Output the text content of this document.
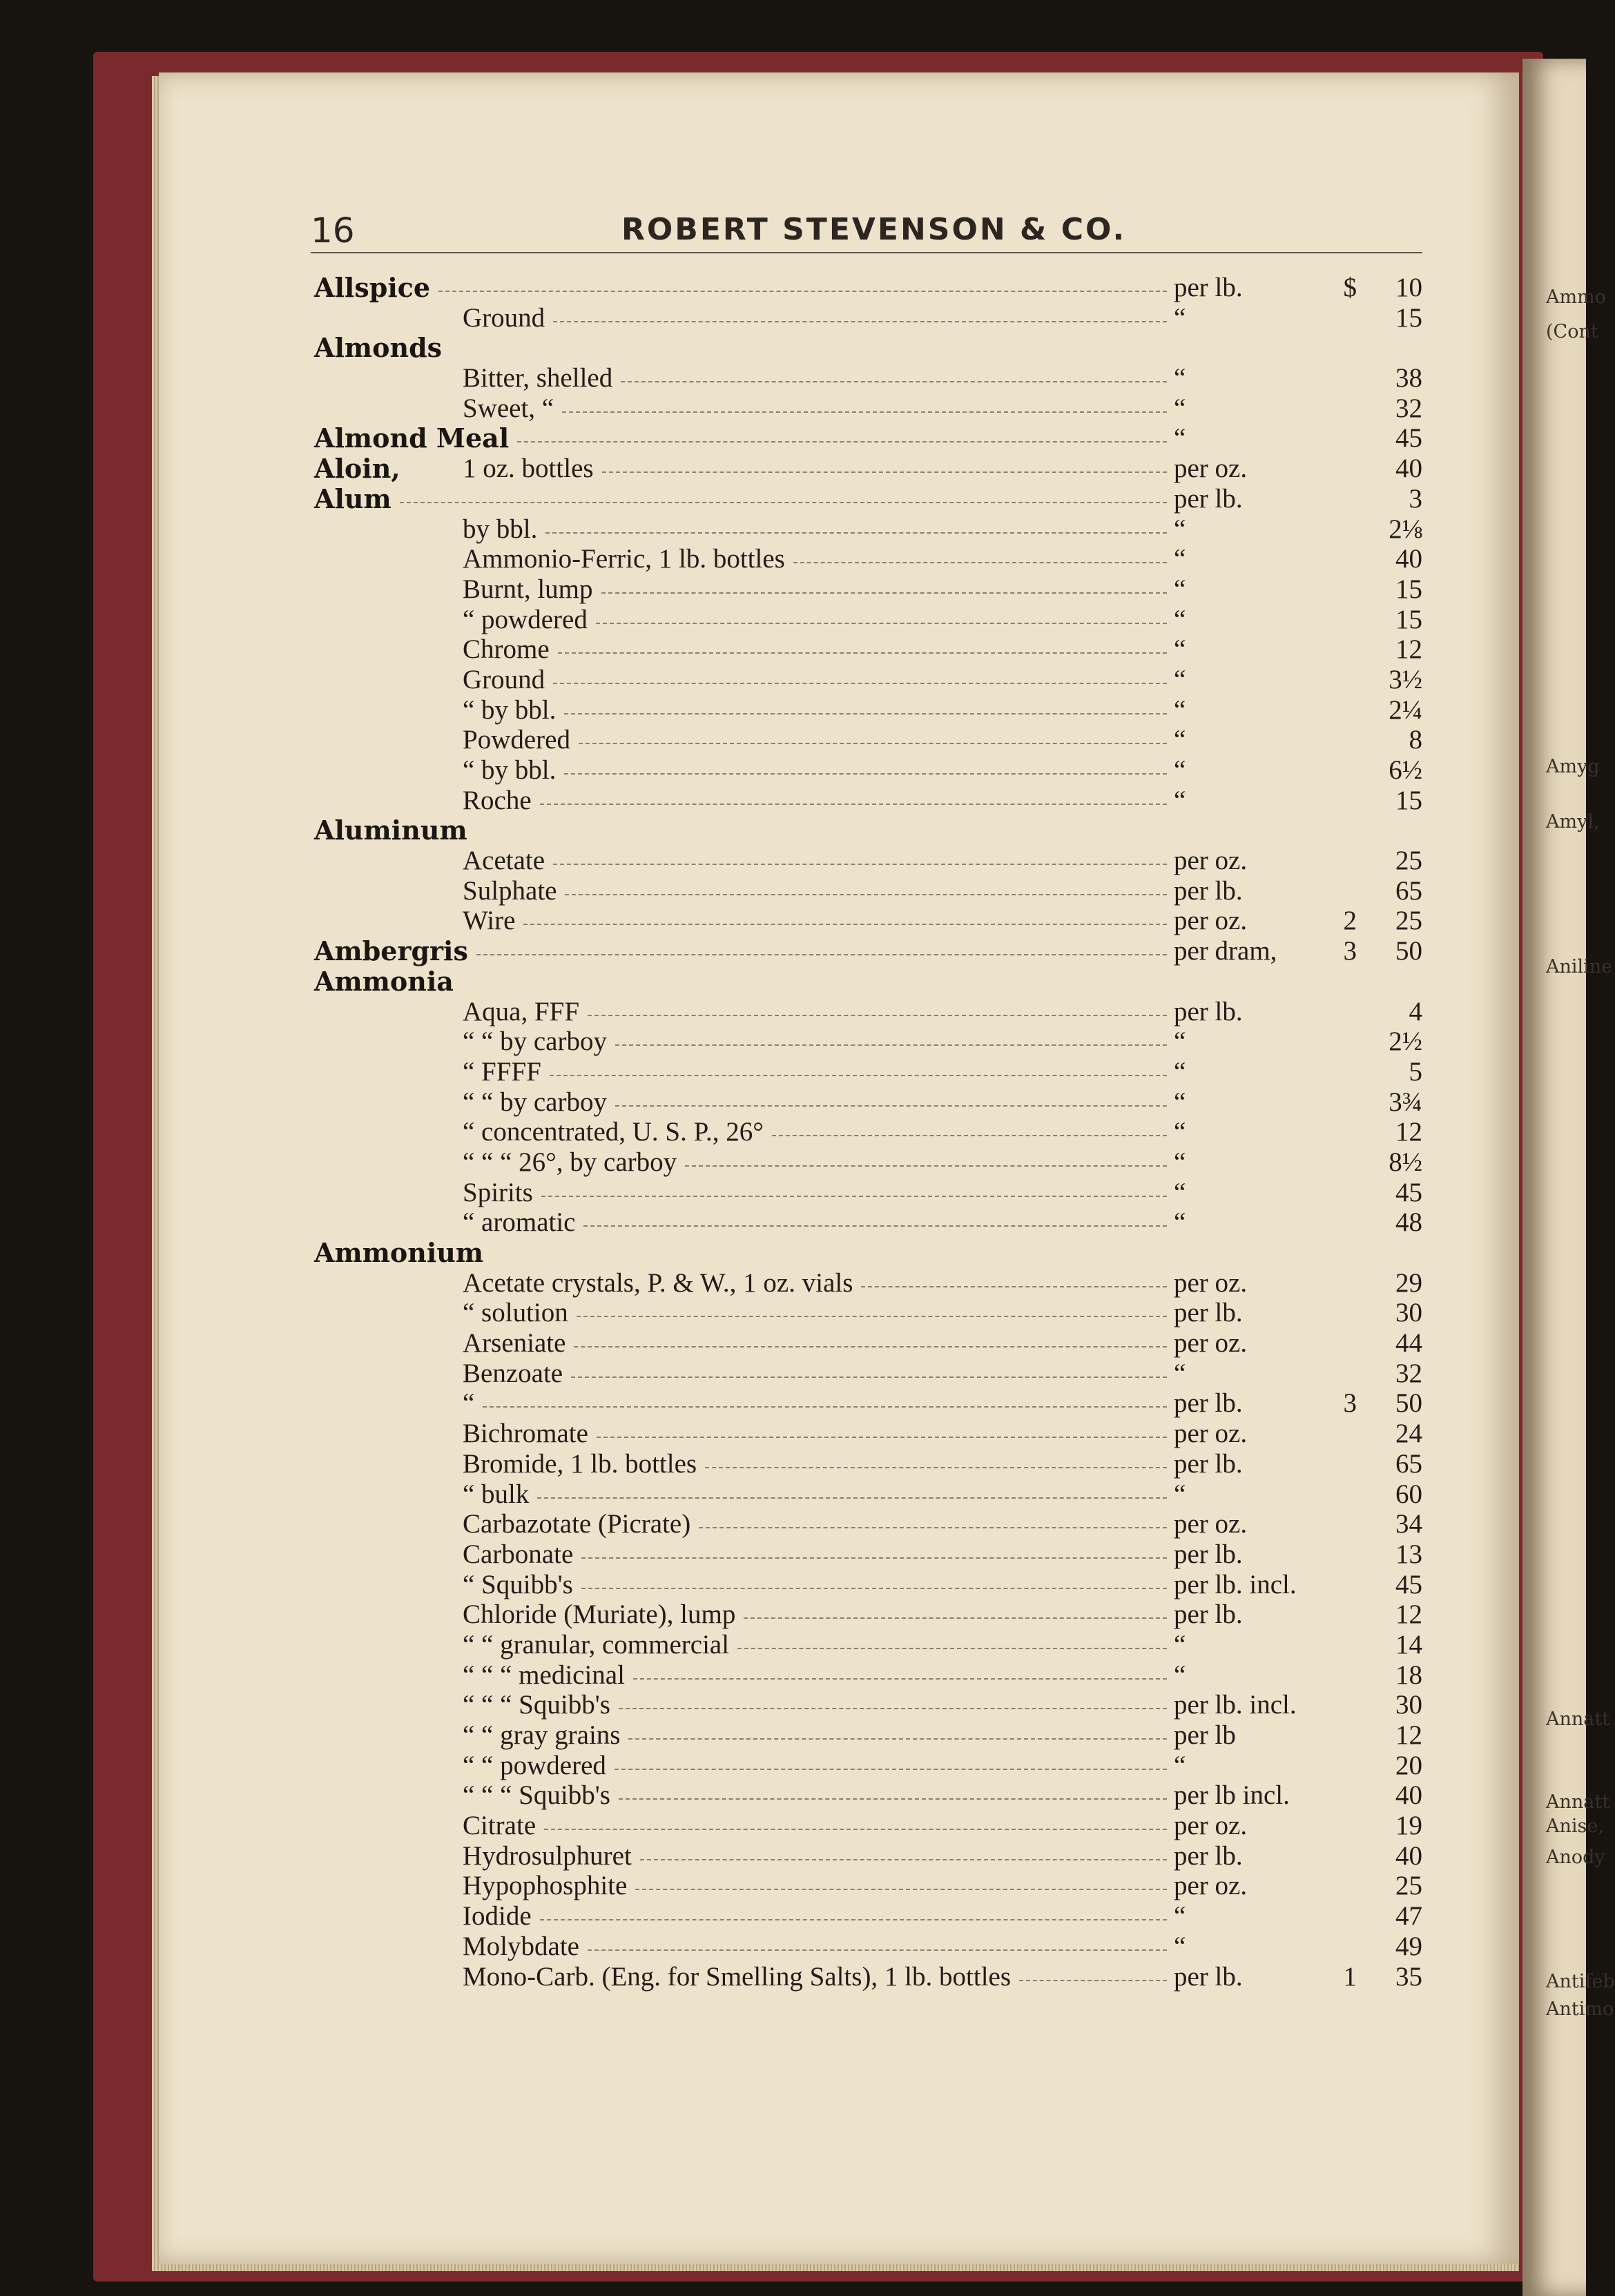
Ammo
(Cont
Amyg
Amyl,
Aniline
Annatt
Annatt
Anise,
Anody
Antifeb
Antimo
16	ROBERT STEVENSON & CO.
Allspice	per lb.	$	10
Ground	“	15
Almonds
Bitter, shelled	“	38
Sweet, “	“	32
Almond Meal	“	45
Aloin, 1 oz. bottles	per oz.	40
Alum	per lb.	3
by bbl.	“	2⅛
Ammonio-Ferric, 1 lb. bottles	“	40
Burnt, lump	“	15
“ powdered	“	15
Chrome	“	12
Ground	“	3½
“ by bbl.	“	2¼
Powdered	“	8
“ by bbl.	“	6½
Roche	“	15
Aluminum
Acetate	per oz.	25
Sulphate	per lb.	65
Wire	per oz.	2	25
Ambergris	per dram,	3	50
Ammonia
Aqua, FFF	per lb.	4
“ “ by carboy	“	2½
“ FFFF	“	5
“ “ by carboy	“	3¾
“ concentrated, U. S. P., 26°	“	12
“ “ “ 26°, by carboy	“	8½
Spirits	“	45
“ aromatic	“	48
Ammonium
Acetate crystals, P. & W., 1 oz. vials	per oz.	29
“ solution	per lb.	30
Arseniate	per oz.	44
Benzoate	“	32
“	per lb.	3	50
Bichromate	per oz.	24
Bromide, 1 lb. bottles	per lb.	65
“ bulk	“	60
Carbazotate (Picrate)	per oz.	34
Carbonate	per lb.	13
“ Squibb's	per lb. incl.	45
Chloride (Muriate), lump	per lb.	12
“ “ granular, commercial	“	14
“ “ “ medicinal	“	18
“ “ “ Squibb's	per lb. incl.	30
“ “ gray grains	per lb	12
“ “ powdered	“	20
“ “ “ Squibb's	per lb incl.	40
Citrate	per oz.	19
Hydrosulphuret	per lb.	40
Hypophosphite	per oz.	25
Iodide	“	47
Molybdate	“	49
Mono-Carb. (Eng. for Smelling Salts), 1 lb. bottles	per lb.	1	35
